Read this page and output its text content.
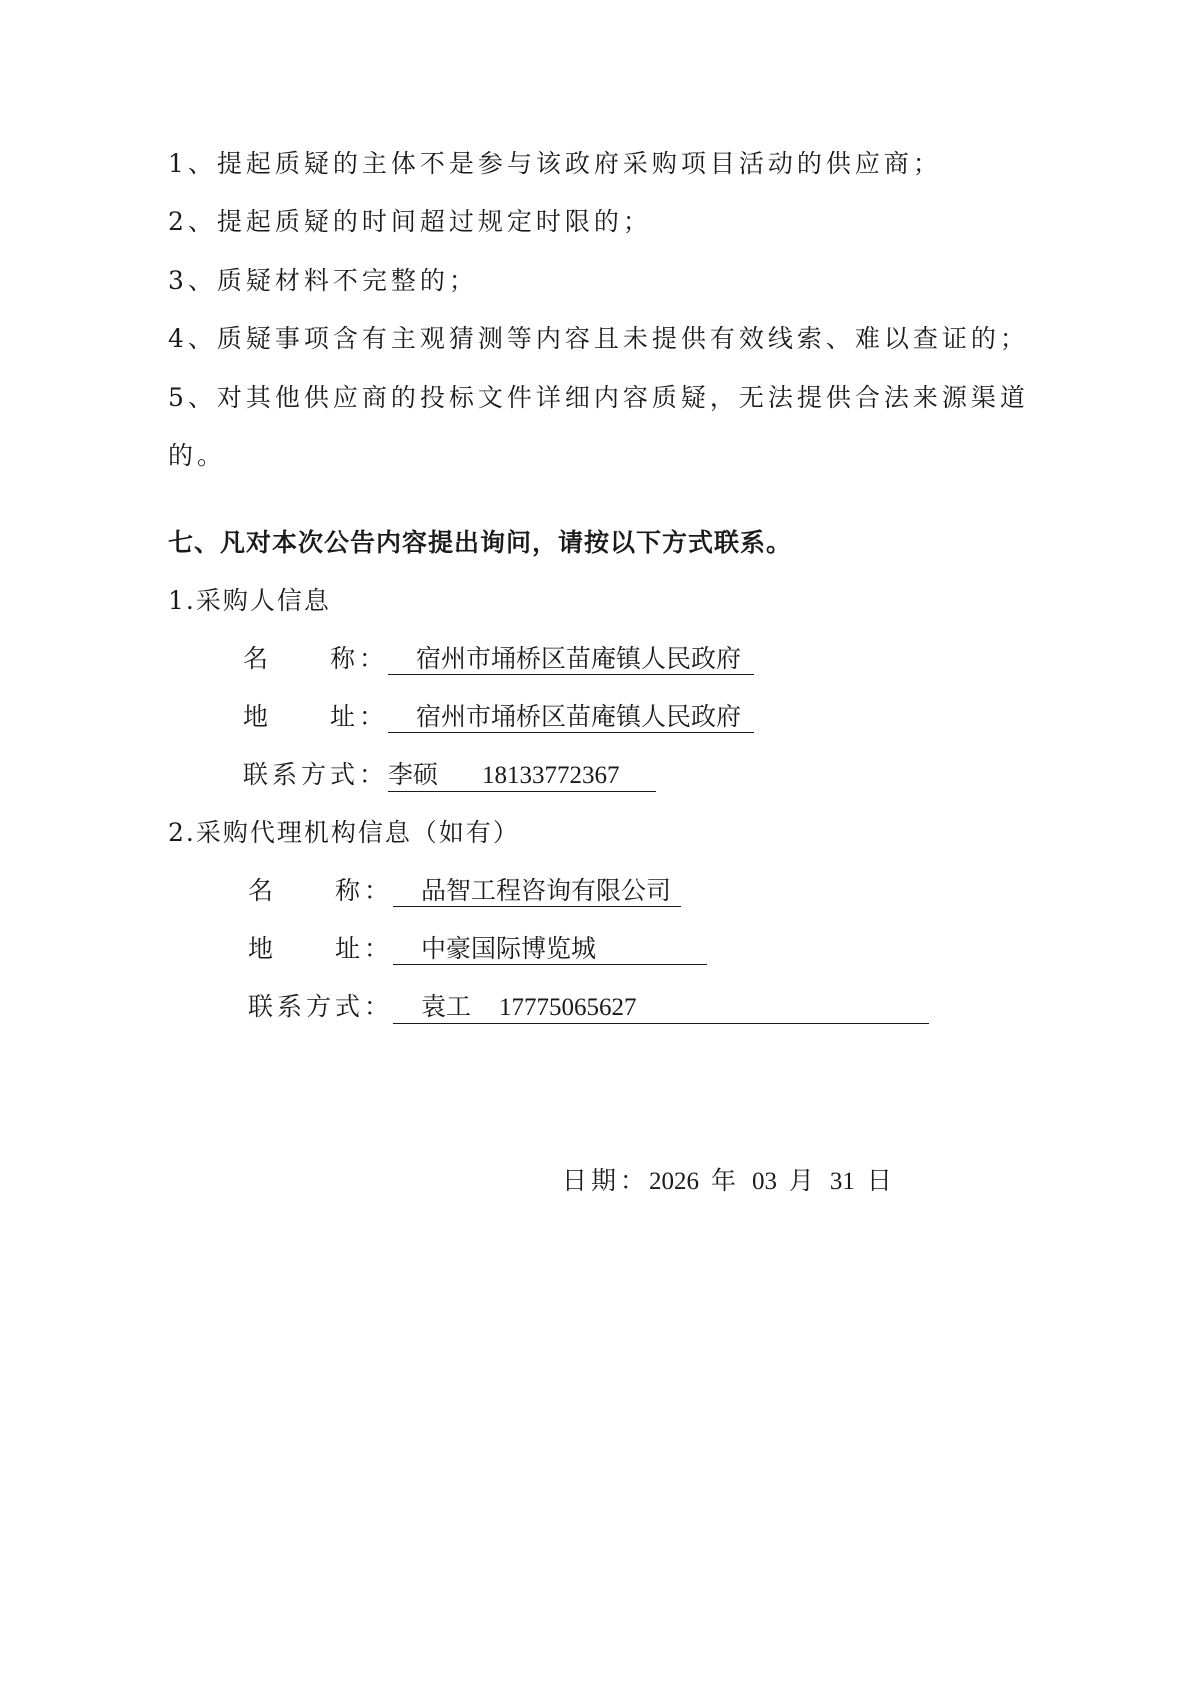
1、提起质疑的主体不是参与该政府采购项目活动的供应商；
2、提起质疑的时间超过规定时限的；
3、质疑材料不完整的；
4、质疑事项含有主观猜测等内容且未提供有效线索、难以查证的；
5、对其他供应商的投标文件详细内容质疑，无法提供合法来源渠道
的。
七、凡对本次公告内容提出询问，请按以下方式联系。
1.采购人信息
名　　称： 宿州市埇桥区苗庵镇人民政府
地　　址： 宿州市埇桥区苗庵镇人民政府
联系方式：李硕 18133772367
2.采购代理机构信息（如有）
名　　称： 品智工程咨询有限公司
地　　址： 中豪国际博览城
联系方式： 袁工 17775065627
日期：2026 年 03 月 31 日
